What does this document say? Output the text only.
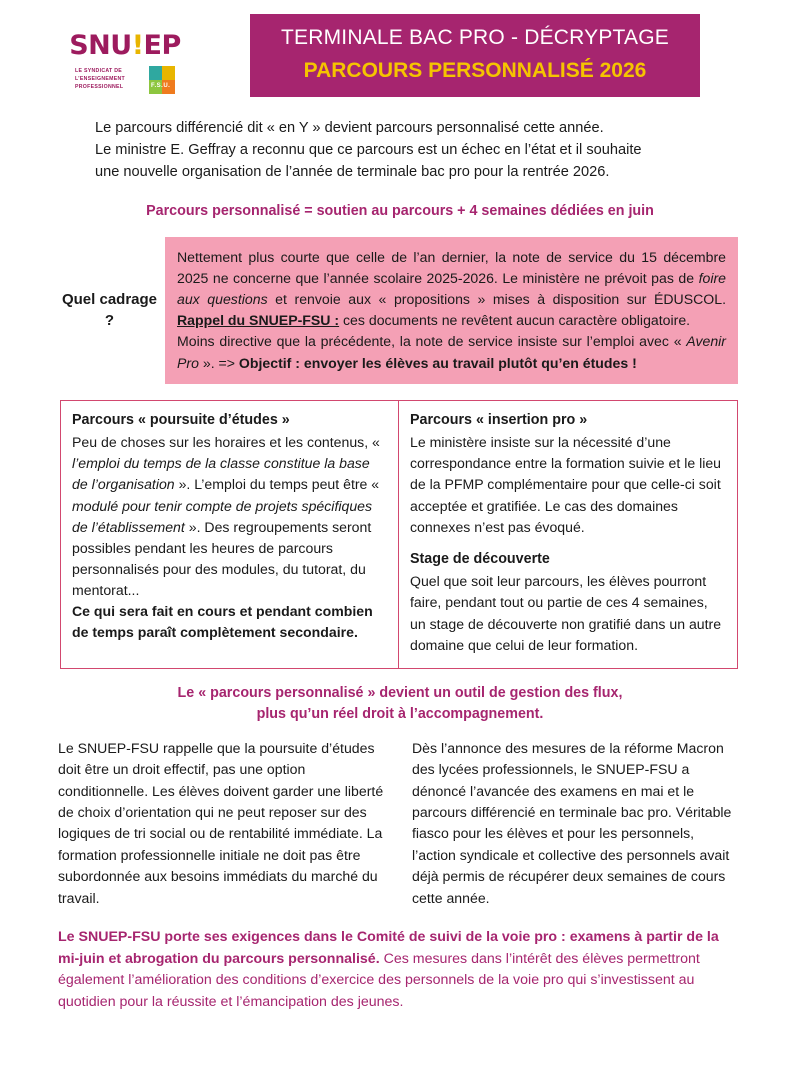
SNU!EP
LE SYNDICAT DE L’ENSEIGNEMENT PROFESSIONNEL	F.S.U.
TERMINALE BAC PRO - DÉCRYPTAGE
PARCOURS PERSONNALISÉ 2026
Le parcours différencié dit « en Y » devient parcours personnalisé cette année.
Le ministre E. Geffray a reconnu que ce parcours est un échec en l’état et il souhaite
une nouvelle organisation de l’année de terminale bac pro pour la rentrée 2026.
Parcours personnalisé = soutien au parcours + 4 semaines dédiées en juin
Quel cadrage ?

Nettement plus courte que celle de l’an dernier, la note de service du 15 décembre 2025 ne concerne que l’année scolaire 2025-2026. Le ministère ne prévoit pas de foire aux questions et renvoie aux « propositions » mises à disposition sur ÉDUSCOL. Rappel du SNUEP-FSU : ces documents ne revêtent aucun caractère obligatoire.

Moins directive que la précédente, la note de service insiste sur l’emploi avec « Avenir Pro ». => Objectif : envoyer les élèves au travail plutôt qu’en études !

Parcours « poursuite d’études »

Peu de choses sur les horaires et les contenus, « l’emploi du temps de la classe constitue la base de l’organisation ». L’emploi du temps peut être « modulé pour tenir compte de projets spécifiques de l’établissement ». Des regroupements seront possibles pendant les heures de parcours personnalisés pour des modules, du tutorat, du mentorat...

Ce qui sera fait en cours et pendant combien de temps paraît complètement secondaire.

Parcours « insertion pro »

Le ministère insiste sur la nécessité d’une correspondance entre la formation suivie et le lieu de la PFMP complémentaire pour que celle-ci soit acceptée et gratifiée. Le cas des domaines connexes n’est pas évoqué.

Stage de découverte

Quel que soit leur parcours, les élèves pourront faire, pendant tout ou partie de ces 4 semaines, un stage de découverte non gratifié dans un autre domaine que celui de leur formation.

Le « parcours personnalisé » devient un outil de gestion des flux,
plus qu’un réel droit à l’accompagnement.

Le SNUEP-FSU rappelle que la poursuite d’études doit être un droit effectif, pas une option conditionnelle. Les élèves doivent garder une liberté de choix d’orientation qui ne peut reposer sur des logiques de tri social ou de rentabilité immédiate. La formation professionnelle initiale ne doit pas être subordonnée aux besoins immédiats du marché du travail.

Dès l’annonce des mesures de la réforme Macron des lycées professionnels, le SNUEP-FSU a dénoncé l’avancée des examens en mai et le parcours différencié en terminale bac pro. Véritable fiasco pour les élèves et pour les personnels, l’action syndicale et collective des personnels avait déjà permis de récupérer deux semaines de cours cette année.

Le SNUEP-FSU porte ses exigences dans le Comité de suivi de la voie pro : examens à partir de la mi-juin et abrogation du parcours personnalisé. Ces mesures dans l’intérêt des élèves permettront également l’amélioration des conditions d’exercice des personnels de la voie pro qui s’investissent au quotidien pour la réussite et l’émancipation des jeunes.
